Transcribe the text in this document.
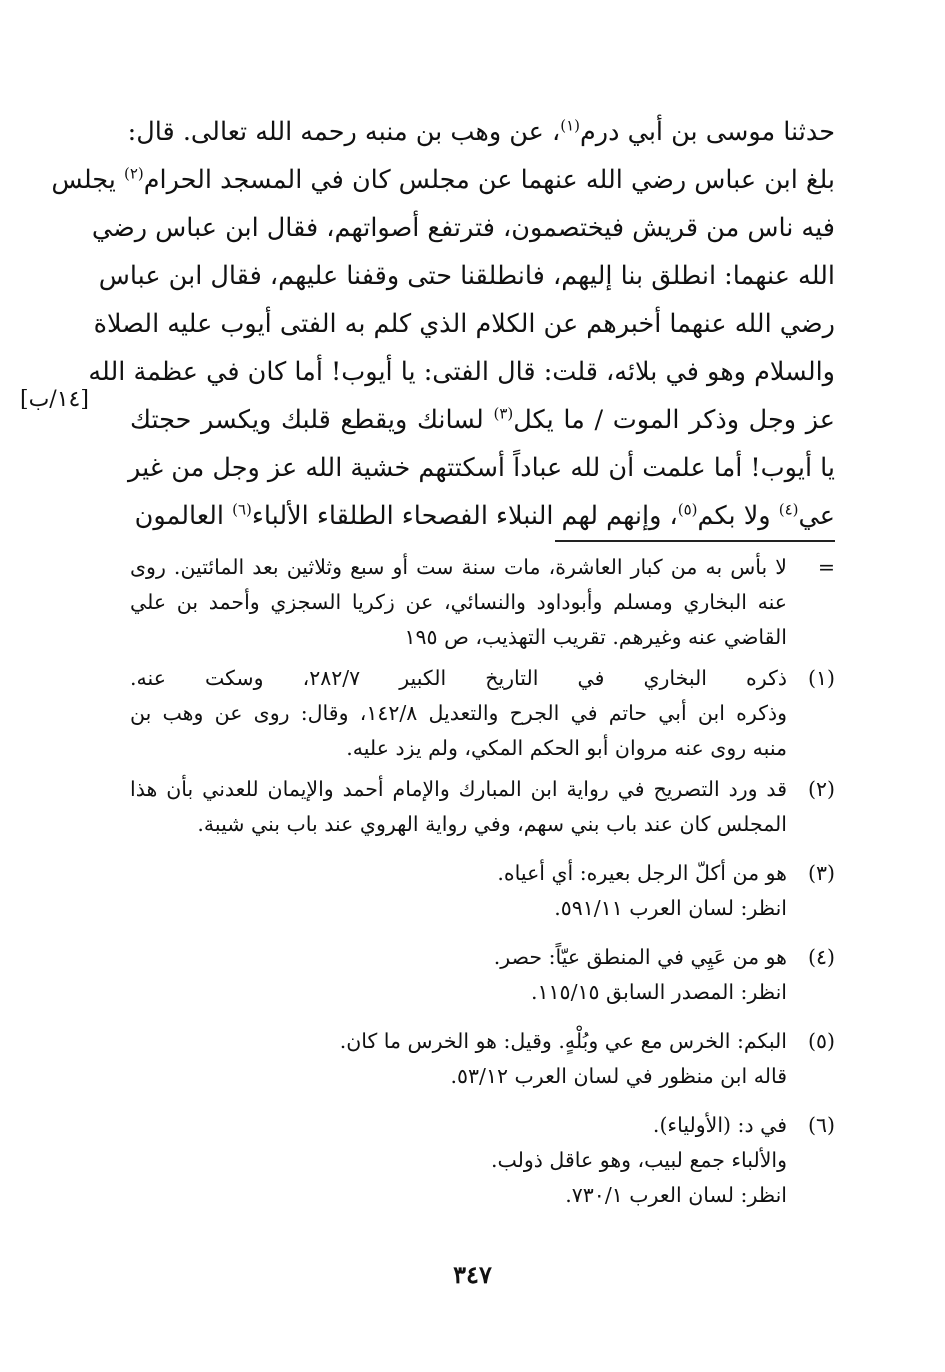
حدثنا موسى بن أبي درم$^{(١)}$، عن وهب بن منبه رحمه الله تعالى. قال:
بلغ ابن عباس رضي الله عنهما عن مجلس كان في المسجد الحرام$^{(٢)}$ يجلس
فيه ناس من قريش فيختصمون، فترتفع أصواتهم، فقال ابن عباس رضي
الله عنهما: انطلق بنا إليهم، فانطلقنا حتى وقفنا عليهم، فقال ابن عباس
رضي الله عنهما أخبرهم عن الكلام الذي كلم به الفتى أيوب عليه الصلاة
والسلام وهو في بلائه، قلت: قال الفتى: يا أيوب! أما كان في عظمة الله
عز وجل وذكر الموت / ما يكل$^{(٣)}$ لسانك ويقطع قلبك ويكسر حجتك
يا أيوب! أما علمت أن لله عباداً أسكتتهم خشية الله عز وجل من غير
عي$^{(٤)}$ ولا بكم$^{(٥)}$، وإنهم لهم النبلاء الفصحاء الطلقاء الألباء$^{(٦)}$ العالمون
[١٤/ب]
=
لا بأس به من كبار العاشرة، مات سنة ست أو سبع وثلاثين بعد المائتين. روى
عنه البخاري ومسلم وأبوداود والنسائي، عن زكريا السجزي وأحمد بن علي
القاضي عنه وغيرهم. تقريب التهذيب، ص ١٩٥
(١)
ذكره البخاري في التاريخ الكبير ٢٨٢/٧، وسكت عنه.
وذكره ابن أبي حاتم في الجرح والتعديل ١٤٢/٨، وقال: روى عن وهب بن
منبه روى عنه مروان أبو الحكم المكي، ولم يزد عليه.
(٢)
قد ورد التصريح في رواية ابن المبارك والإمام أحمد والإيمان للعدني بأن هذا
المجلس كان عند باب بني سهم، وفي رواية الهروي عند باب بني شيبة.
(٣)
هو من أكلّ الرجل بعيره: أي أعياه.
انظر: لسان العرب ٥٩١/١١.
(٤)
هو من عَيِي في المنطق عيّاً: حصر.
انظر: المصدر السابق ١١٥/١٥.
(٥)
البكم: الخرس مع عي وبُلْهٍ. وقيل: هو الخرس ما كان.
قاله ابن منظور في لسان العرب ٥٣/١٢.
(٦)
في د: (الأولياء).
والألباء جمع لبيب، وهو عاقل ذولب.
انظر: لسان العرب ٧٣٠/١.
٣٤٧
